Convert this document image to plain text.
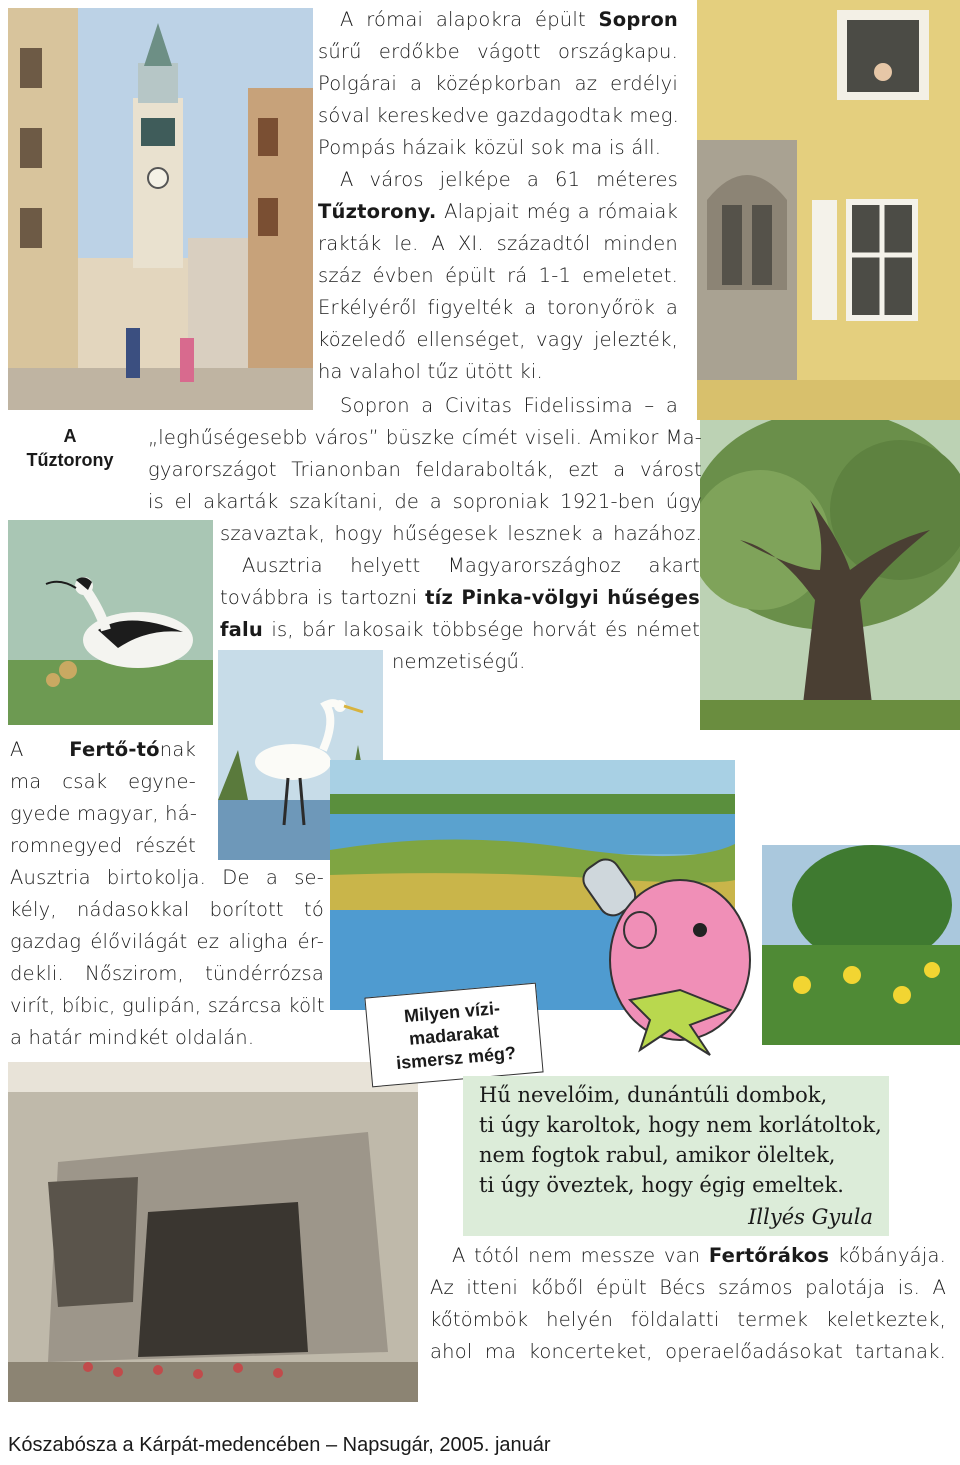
A római alapokra épült Sopron
sűrű erdőkbe vágott országkapu.
Polgárai a középkorban az erdélyi
sóval kereskedve gazdagodtak meg.
Pompás házaik közül sok ma is áll.
A város jelképe a 61 méteres
Tűztorony. Alapjait még a rómaiak
rakták le. A XI. századtól minden
száz évben épült rá 1-1 emeletet.
Erkélyéről figyelték a toronyőrök a
közeledő ellenséget, vagy jelezték,
ha valahol tűz ütött ki.
Sopron a Civitas Fidelissima – a
„leghűségesebb város” büszke címét viseli. Amikor Ma-
gyarországot Trianonban feldarabolták, ezt a várost
is el akarták szakítani, de a soproniak 1921-ben úgy
szavaztak, hogy hűségesek lesznek a hazához.
Ausztria helyett Magyarországhoz akart
továbbra is tartozni tíz Pinka-völgyi hűséges
falu is, bár lakosaik többsége horvát és német
nemzetiségű.
A
Tűztorony
A Fertő-tónak
ma csak egyne-
gyede magyar, há-
romnegyed részét
Ausztria birtokolja. De a se-
kély, nádasokkal borított tó
gazdag élővilágát ez aligha ér-
dekli. Nőszirom, tündérrózsa
virít, bíbic, gulipán, szárcsa költ
a határ mindkét oldalán.
Milyen vízi-
madarakat
ismersz még?
Hű nevelőim, dunántúli dombok,
ti úgy karoltok, hogy nem korlátoltok,
nem fogtok rabul, amikor öleltek,
ti úgy öveztek, hogy égig emeltek.
Illyés Gyula
A tótól nem messze van Fertőrákos kőbányája.
Az itteni kőből épült Bécs számos palotája is. A
kőtömbök helyén földalatti termek keletkeztek,
ahol ma koncerteket, operaelőadásokat tartanak.
Kószabósza a Kárpát-medencében – Napsugár, 2005. január
